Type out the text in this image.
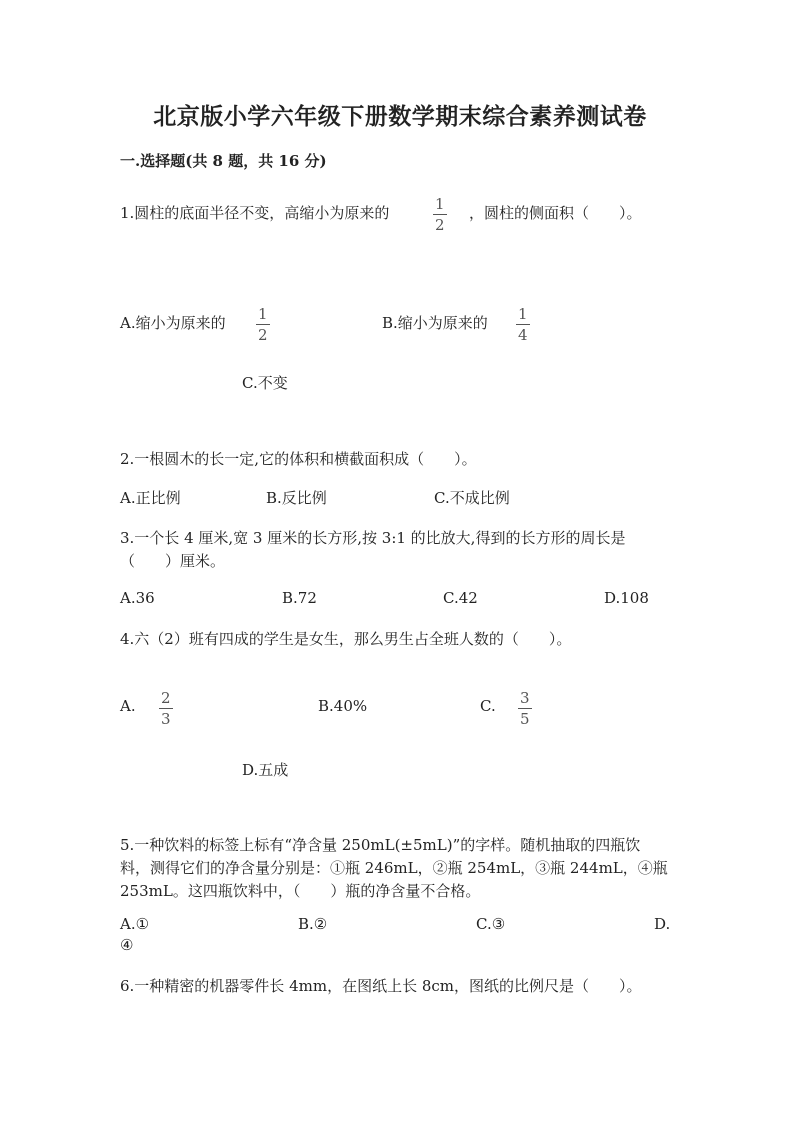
北京版小学六年级下册数学期末综合素养测试卷
一.选择题(共 8 题，共 16 分)
1.圆柱的底面半径不变，高缩小为原来的	1
2
，圆柱的侧面积（　　）。
A.缩小为原来的 1
2
B.缩小为原来的 1
4
C.不变
2.一根圆木的长一定,它的体积和横截面积成（　　）。
A.正比例	B.反比例	C.不成比例
3.一个长 4 厘米,宽 3 厘米的长方形,按 3:1 的比放大,得到的长方形的周长是
（　　）厘米。
A.36	B.72	C.42	D.108
4.六（2）班有四成的学生是女生，那么男生占全班人数的（　　）。
A. 2
3
B.40%	C. 3
5
D.五成
5.一种饮料的标签上标有“净含量 250mL(±5mL)”的字样。随机抽取的四瓶饮
料，测得它们的净含量分别是：①瓶 246mL，②瓶 254mL，③瓶 244mL，④瓶
253mL。这四瓶饮料中，（　　）瓶的净含量不合格。
A.①	B.②	C.③	D.
④
6.一种精密的机器零件长 4mm，在图纸上长 8cm，图纸的比例尺是（　　）。
